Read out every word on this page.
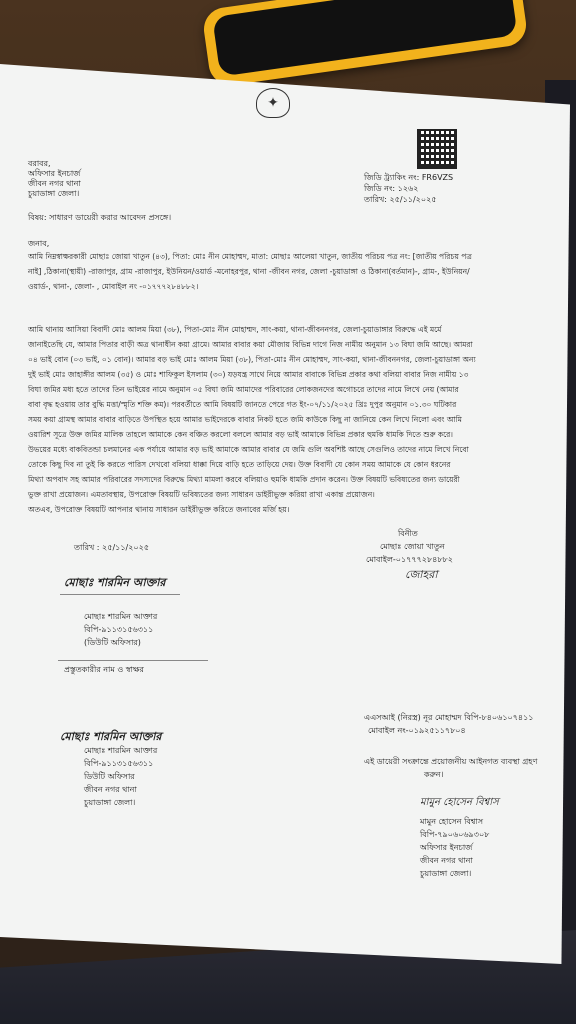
✦
বরাবর,
অফিসার ইনচার্জ
জীবন নগর থানা
চুয়াডাঙ্গা জেলা।
জিডি ট্র্যাকিং নং: FR6VZS
জিডি নং: ১২৬২
তারিখ: ২৫/১১/২০২৫
বিষয়: সাধারণ ডায়েরী করার আবেদন প্রসঙ্গে।
জনাব,
আমি নিম্নস্বাক্ষরকারী মোছাঃ জোয়া খাতুন (৪৩), পিতা: মোঃ নীন মোহাম্মদ, মাতা: মোছাঃ আলেয়া খাতুন, জাতীয় পরিচয় পত্র নং: [জাতীয় পরিচয় পত্র
নাই] ,ঠিকানা(স্থায়ী) -রাজাপুর, গ্রাম -রাজাপুর, ইউনিয়ন/ওয়ার্ড -মনোহরপুর, থানা -জীবন নগর, জেলা -চুয়াডাঙ্গা ও ঠিকানা(বর্তমান)-, গ্রাম-, ইউনিয়ন/
ওয়ার্ড-, থানা-, জেলা- , মোবাইল নং -০১৭৭৭২৮৪৮৮২।
আমি থানায় আসিয়া বিবাদী মোঃ আলম মিয়া (৩৮), পিতা-মোঃ নীন মোহাম্মদ, সাং-কয়া, থানা-জীবননগর, জেলা-চুয়াডাঙ্গার বিরুদ্ধে এই মর্মে
জানাইতেছি যে, আমার পিতার বাড়ী অত্র থানাধীন কয়া গ্রামে। আমার বাবার কয়া মৌজায় বিভিন্ন দাগে নিজ নামীয় অনুমান ১৩ বিঘা জমি আছে। আমরা
০৪ ভাই বোন (০৩ ভাই, ০১ বোন)। আমার বড় ভাই মোঃ আলম মিয়া (৩৮), পিতা-মোঃ নীন মোহাম্মদ, সাং-কয়া, থানা-জীবননগর, জেলা-চুয়াডাঙ্গা অন্য
দুই ভাই মোঃ জাহাঙ্গীর আলম (৩৫) ও মোঃ শাফিকুল ইসলাম (৩০) যড়যন্ত্র সাথে নিয়ে আমার বাবাকে বিভিন্ন প্রকার কথা বলিয়া বাবার নিজ নামীয় ১৩
বিঘা জমির মধ্য হতে তাদের তিন ভাইয়ের নামে অনুমান ০৫ বিঘা জমি আমাদের পরিবারের লোকজনদের অগোচরে তাদের নামে লিখে নেয় (আমার
বাবা বৃদ্ধ হওয়ায় তার বুদ্ধি মত্তা/স্মৃতি শক্তি কম)। পরবর্তীতে আমি বিষয়টি জানতে পেরে গত ইং-০৭/১১/২০২৫ খ্রিঃ দুপুর অনুমান ০১.৩০ ঘটিকার
সময় কয়া গ্রামস্থ আমার বাবার বাড়িতে উপস্থিত হয়ে আমার ভাইদেরকে বাবার নিকট হতে জমি কাউকে কিছু না জানিয়ে কেন লিখে নিলো এবং আমি
ওয়ারিশ সূত্রে উক্ত জমির মালিক তাহলে আমাকে কেন বঞ্চিত করলো বললে আমার বড় ভাই আমাকে বিভিন্ন প্রকার হুমকি ধামকি দিতে শুরু করে।
উভয়ের মধ্যে বাকবিতন্ডা চলমানের এক পর্যায়ে আমার বড় ভাই আমাকে আমার বাবার যে জমি গুলি অবশিষ্ট আছে সেগুলিও তাদের নামে লিখে নিবো
তোকে কিছু দিব না তুই কি করতে পারিস দেখবো বলিয়া ধাক্কা দিয়ে বাড়ি হতে তাড়িয়ে দেয়। উক্ত বিবাদী যে কোন সময় আমাকে যে কোন ধরনের
মিথ্যা অপবাদ সহ আমার পরিবারের সদস্যদের বিরুদ্ধে মিথ্যা মামলা করবে বলিয়াও হুমকি ধামকি প্রদান করেন। উক্ত বিষয়টি ভবিষ্যতের জন্য ডায়েরী
ভুক্ত রাখা প্রয়োজন। এমতাবস্থায়, উপরোক্ত বিষয়টি ভবিষ্যতের জন্য সাধারন ডাইরীভুক্ত করিয়া রাখা একান্ত প্রয়োজন।
অতএব, উপরোক্ত বিষয়টি আপনার থানায় সাধারন ডাইরীভুক্ত করিতে জনাবের মর্জি হয়।
বিনীত
মোছাঃ জোয়া খাতুন
মোবাইল-০১৭৭৭২৮৪৮৮২
জোহরা
তারিখ : ২৫/১১/২০২৫
মোছাঃ শারমিন আক্তার
মোছাঃ শারমিন আক্তার
বিপি-৯১১৩১৫৬৩১১
(ডিউটি অফিসার)
প্রস্তুতকারীর নাম ও স্বাক্ষর
এএসআই (নিরস্ত্র) নূর মোহাম্মদ বিপি-৮৪০৬১০৭৪১১
মোবাইল নং-০১৯২৫১১৭৮০৪
মোছাঃ শারমিন আক্তার
মোছাঃ শারমিন আক্তার
বিপি-৯১১৩১৫৬৩১১
ডিউটি অফিসার
জীবন নগর থানা
চুয়াডাঙ্গা জেলা।
এই ডায়েরী সংক্রান্তে প্রয়োজনীয় আইনগত ব্যবস্থা গ্রহণ
করুন।
মামুন হোসেন বিশ্বাস
মামুন হোসেন বিশ্বাস
বিপি-৭৯০৬০৬৯৩০৮
অফিসার ইনচার্জ
জীবন নগর থানা
চুয়াডাঙ্গা জেলা।
